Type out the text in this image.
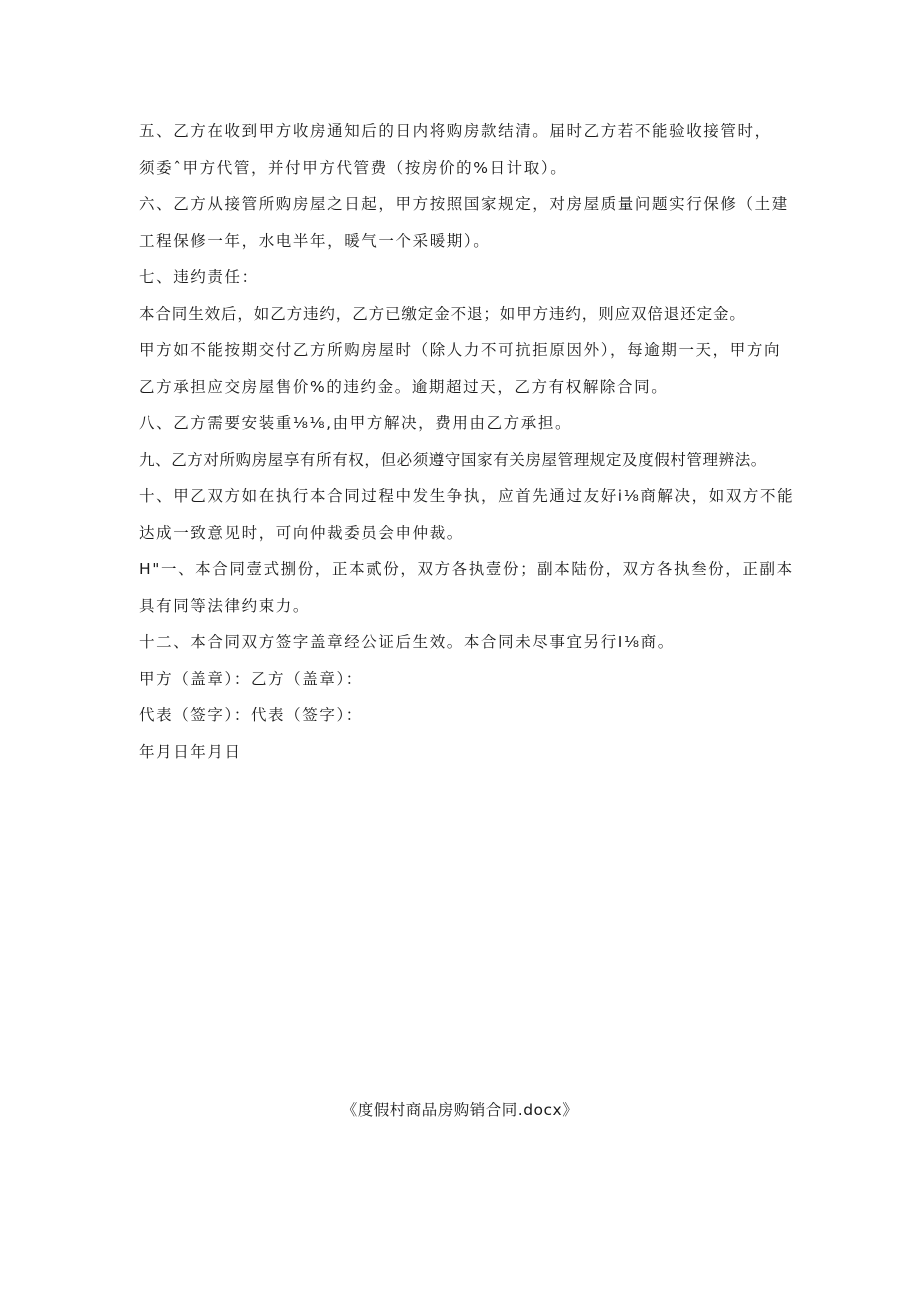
五、乙方在收到甲方收房通知后的日内将购房款结清。届时乙方若不能验收接管时，
须委ˆ甲方代管，并付甲方代管费（按房价的%日计取）。
六、乙方从接管所购房屋之日起，甲方按照国家规定，对房屋质量问题实行保修（土建
工程保修一年，水电半年，暖气一个采暖期）。
七、违约责任：
本合同生效后，如乙方违约，乙方已缴定金不退；如甲方违约，则应双倍退还定金。
甲方如不能按期交付乙方所购房屋时（除人力不可抗拒原因外），每逾期一天，甲方向
乙方承担应交房屋售价%的违约金。逾期超过天，乙方有权解除合同。
八、乙方需要安装重⅛⅛,由甲方解决，费用由乙方承担。
九、乙方对所购房屋享有所有权，但必须遵守国家有关房屋管理规定及度假村管理辨法。
十、甲乙双方如在执行本合同过程中发生争执，应首先通过友好i⅛商解决，如双方不能
达成一致意见时，可向仲裁委员会申仲裁。
H"一、本合同壹式捌份，正本贰份，双方各执壹份；副本陆份，双方各执叁份，正副本
具有同等法律约束力。
十二、本合同双方签字盖章经公证后生效。本合同未尽事宜另行I⅛商。
甲方（盖章）：乙方（盖章）：
代表（签字）：代表（签字）：
年月日年月日
《度假村商品房购销合同.docx》
